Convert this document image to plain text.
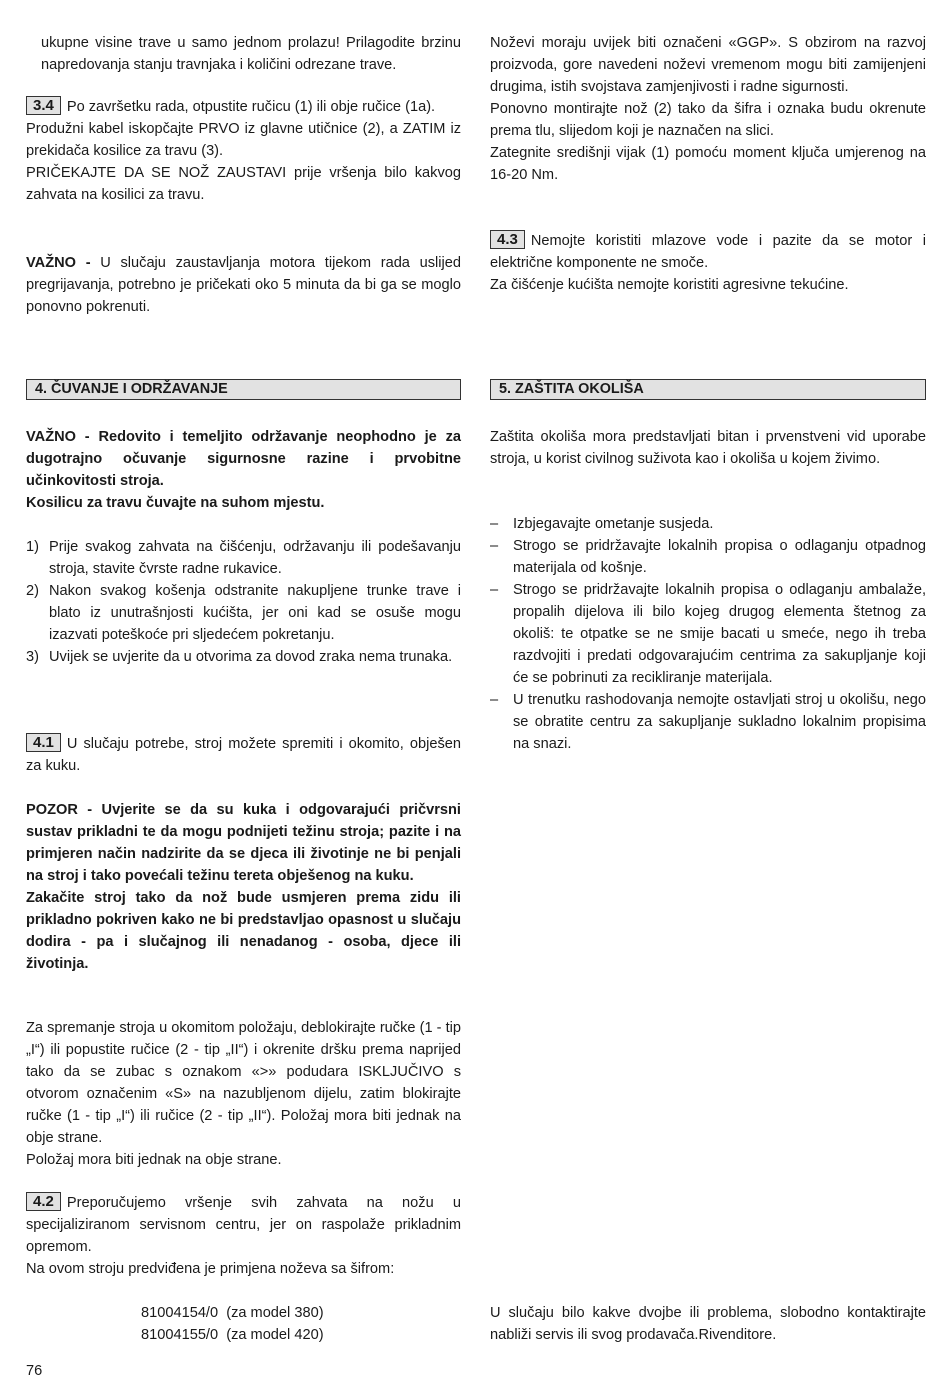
ukupne visine trave u samo jednom prolazu! Prilagodite brzinu napredovanja stanju travnjaka i količini odrezane trave.

3.4 Po završetku rada, otpustite ručicu (1) ili obje ručice (1a).

Produžni kabel iskopčajte PRVO iz glavne utičnice (2), a ZATIM iz prekidača kosilice za travu (3).

PRIČEKAJTE DA SE NOŽ ZAUSTAVI prije vršenja bilo kakvog zahvata na kosilici za travu.

VAŽNO - U slučaju zaustavljanja motora tijekom rada uslijed pregrijavanja, potrebno je pričekati oko 5 minuta da bi ga se moglo ponovno pokrenuti.

4. ČUVANJE I ODRŽAVANJE

VAŽNO - Redovito i temeljito održavanje neophodno je za dugotrajno očuvanje sigurnosne razine i prvobitne učinkovitosti stroja.

Kosilicu za travu čuvajte na suhom mjestu.

1) Prije svakog zahvata na čišćenju, održavanju ili podešavanju stroja, stavite čvrste radne rukavice.
2) Nakon svakog košenja odstranite nakupljene trunke trave i blato iz unutrašnjosti kućišta, jer oni kad se osuše mogu izazvati poteškoće pri sljedećem pokretanju.
3) Uvijek se uvjerite da u otvorima za dovod zraka nema trunaka.

4.1 U slučaju potrebe, stroj možete spremiti i okomito, obješen za kuku.

POZOR - Uvjerite se da su kuka i odgovarajući pričvrsni sustav prikladni te da mogu podnijeti težinu stroja; pazite i na primjeren način nadzirite da se djeca ili životinje ne bi penjali na stroj i tako povećali težinu tereta obješenog na kuku.

Zakačite stroj tako da nož bude usmjeren prema zidu ili prikladno pokriven kako ne bi predstavljao opasnost u slučaju dodira - pa i slučajnog ili nenadanog - osoba, djece ili životinja.

Za spremanje stroja u okomitom položaju, deblokirajte ručke (1 - tip „I“) ili popustite ručice (2 - tip „II“) i okrenite dršku prema naprijed tako da se zubac s oznakom «>» podudara ISKLJUČIVO s otvorom označenim «S» na nazubljenom dijelu, zatim blokirajte ručke (1 - tip „I“) ili ručice (2 - tip „II“). Položaj mora biti jednak na obje strane.

Položaj mora biti jednak na obje strane.

4.2 Preporučujemo vršenje svih zahvata na nožu u specijaliziranom servisnom centru, jer on raspolaže prikladnim opremom.

Na ovom stroju predviđena je primjena noževa sa šifrom:

81004154/0  (za model 380)
81004155/0  (za model 420)

Noževi moraju uvijek biti označeni «GGP». S obzirom na razvoj proizvoda, gore navedeni noževi vremenom mogu biti zamijenjeni drugima, istih svojstava zamjenjivosti i radne sigurnosti.

Ponovno montirajte nož (2) tako da šifra i oznaka budu okrenute prema tlu, slijedom koji je naznačen na slici.

Zategnite središnji vijak (1) pomoću moment ključa umjerenog na 16-20 Nm.

4.3 Nemojte koristiti mlazove vode i pazite da se motor i električne komponente ne smoče.

Za čišćenje kućišta nemojte koristiti agresivne tekućine.

5. ZAŠTITA OKOLIŠA

Zaštita okoliša mora predstavljati bitan i prvenstveni vid uporabe stroja, u korist civilnog suživota kao i okoliša u kojem živimo.

– Izbjegavajte ometanje susjeda.
– Strogo se pridržavajte lokalnih propisa o odlaganju otpadnog materijala od košnje.
– Strogo se pridržavajte lokalnih propisa o odlaganju ambalaže, propalih dijelova ili bilo kojeg drugog elementa štetnog za okoliš: te otpatke se ne smije bacati u smeće, nego ih treba razdvojiti i predati odgovarajućim centrima za sakupljanje koji će se pobrinuti za recikliranje materijala.
– U trenutku rashodovanja nemojte ostavljati stroj u okolišu, nego se obratite centru za sakupljanje sukladno lokalnim propisima na snazi.

U slučaju bilo kakve dvojbe ili problema, slobodno kontaktirajte nabliži servis ili svog prodavača.Rivenditore.

76
